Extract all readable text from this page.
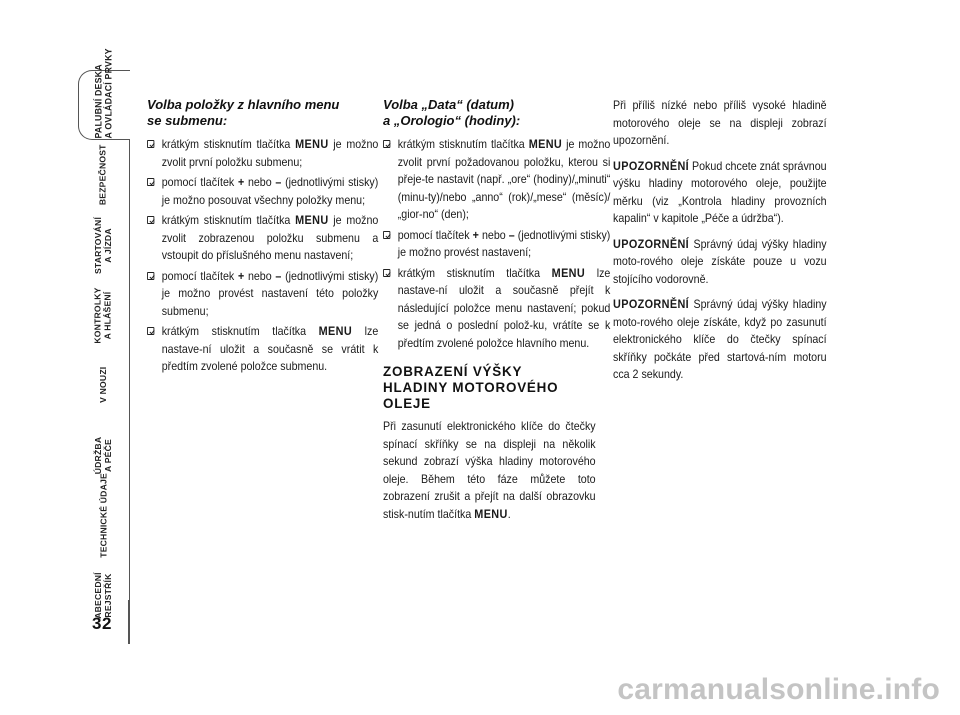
PALUBNÍ DESKA
A OVLÁDACÍ PRVKY
BEZPEČNOST
STARTOVÁNÍ
A JÍZDA
KONTROLKY
A HLÁŠENÍ
V NOUZI
ÚDRŽBA
A PÉČE
TECHNICKÉ ÚDAJE
ABECEDNÍ
REJSTŘÍK
32
Volba položky z hlavního menu
se submenu:
krátkým stisknutím tlačítka MENU je možno zvolit první položku submenu;
pomocí tlačítek + nebo – (jednotlivými stisky) je možno posouvat všechny položky menu;
krátkým stisknutím tlačítka MENU je možno zvolit zobrazenou položku submenu a vstoupit do příslušného menu nastavení;
pomocí tlačítek + nebo – (jednotlivými stisky) je možno provést nastavení této položky submenu;
krátkým stisknutím tlačítka MENU lze nastave-ní uložit a současně se vrátit k předtím zvolené položce submenu.
Volba „Data“ (datum)
a „Orologio“ (hodiny):
krátkým stisknutím tlačítka MENU je možno zvolit první požadovanou položku, kterou si přeje-te nastavit (např. „ore“ (hodiny)/„minuti“ (minu-ty)/nebo „anno“ (rok)/„mese“ (měsíc)/„gior-no“ (den);
pomocí tlačítek + nebo – (jednotlivými stisky) je možno provést nastavení;
krátkým stisknutím tlačítka MENU lze nastave-ní uložit a současně přejít k následující položce menu nastavení; pokud se jedná o poslední polož-ku, vrátíte se k předtím zvolené položce hlavního menu.
ZOBRAZENÍ VÝŠKY
HLADINY MOTOROVÉHO
OLEJE

Při zasunutí elektronického klíče do čtečky spínací skříňky se na displeji na několik sekund zobrazí výška hladiny motorového oleje. Během této fáze můžete toto zobrazení zrušit a přejít na další obrazovku stisk-nutím tlačítka MENU.

Při příliš nízké nebo příliš vysoké hladině motorového oleje se na displeji zobrazí upozornění.

UPOZORNĚNÍ Pokud chcete znát správnou výšku hladiny motorového oleje, použijte měrku (viz „Kontrola hladiny provozních kapalin“ v kapitole „Péče a údržba“).

UPOZORNĚNÍ Správný údaj výšky hladiny moto-rového oleje získáte pouze u vozu stojícího vodorovně.

UPOZORNĚNÍ Správný údaj výšky hladiny moto-rového oleje získáte, když po zasunutí elektronického klíče do čtečky spínací skříňky počkáte před startová-ním motoru cca 2 sekundy.

carmanualsonline.info
